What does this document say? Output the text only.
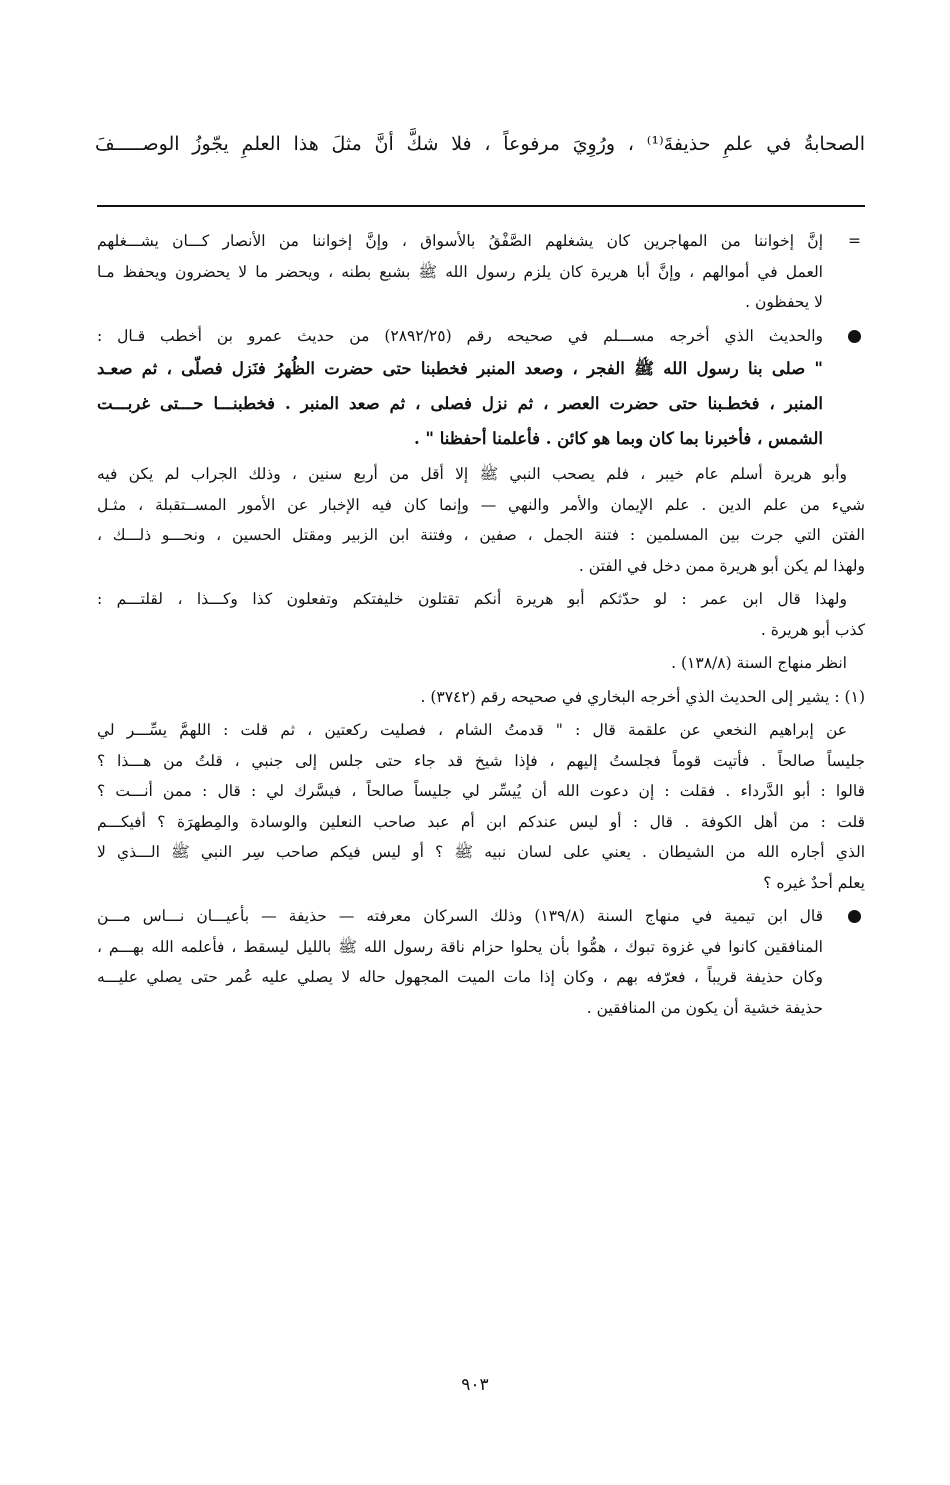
الصحابةُ في علمِ حذيفةَ⁽¹⁾ ، ورُوِيَ مرفوعاً ، فلا شكَّ أنَّ مثلَ هذا العلمِ يجّوزُ الوصـــــفَ
=
إنَّ إخواننا من المهاجرين كان يشغلهم الصَّفْقُ بالأسواق ، وإنَّ إخواننا من الأنصار كـــان يشـــغلهم
العمل في أموالهم ، وإنَّ أبا هريرة كان يلزم رسول الله ﷺ بشبع بطنه ، ويحضر ما لا يحضرون ويحفظ مـا
لا يحفظون .
والحديث الذي أخرجه مســـلم في صحيحه رقم (٢٨٩٢/٢٥) من حديث عمرو بن أخطب قـال :
" صلى بنا رسول الله ﷺ الفجر ، وصعد المنبر فخطبنا حتى حضرت الظُهرُ فنَزل فصلّى ، ثم صعـد
المنبر ، فخطـبنا حتى حضرت العصر ، ثم نزل فصلى ، ثم صعد المنبر . فخطبنـــا حـــتى غربـــت
الشمس ، فأخبرنا بما كان وبما هو كائن . فأعلمنا أحفظنا " .
وأبو هريرة أسلم عام خيبر ، فلم يصحب النبي ﷺ إلا أقل من أربع سنين ، وذلك الجراب لم يكن فيه
شيء من علم الدين . علم الإيمان والأمر والنهي — وإنما كان فيه الإخبار عن الأمور المســتقبلة ، مثـل
الفتن التي جرت بين المسلمين : فتنة الجمل ، صفين ، وفتنة ابن الزبير ومقتل الحسين ، ونحـــو ذلـــك ،
ولهذا لم يكن أبو هريرة ممن دخل في الفتن .
ولهذا قال ابن عمر : لو حدّثكم أبو هريرة أنكم تقتلون خليفتكم وتفعلون كذا وكـــذا ، لقلتـــم :
كذب أبو هريرة .
انظر منهاج السنة (١٣٨/٨) .
(١) : يشير إلى الحديث الذي أخرجه البخاري في صحيحه رقم (٣٧٤٢) .
عن إبراهيم النخعي عن علقمة قال : " قدمتُ الشام ، فصليت ركعتين ، ثم قلت : اللهمَّ يسِّـــر لي
جليساً صالحاً . فأتيت قوماً فجلستُ إليهم ، فإذا شيخ قد جاء حتى جلس إلى جنبي ، قلتُ من هـــذا ؟
قالوا : أبو الدَّرداء . فقلت : إن دعوت الله أن يُيسِّر لي جليساً صالحاً ، فيسَّرك لي : قال : ممن أنـــت ؟
قلت : من أهل الكوفة . قال : أو ليس عندكم ابن أم عبد صاحب النعلين والوسادة والمِطهرَة ؟ أفيكـــم
الذي أجاره الله من الشيطان . يعني على لسان نبيه ﷺ ؟ أو ليس فيكم صاحب سِر النبي ﷺ الـــذي لا
يعلم أحدٌ غيره ؟
قال ابن تيمية في منهاج السنة (١٣٩/٨) وذلك السركان معرفته — حذيفة — بأعيـــان نـــاس مـــن
المنافقين كانوا في غزوة تبوك ، همُّوا بأن يحلوا حزام ناقة رسول الله ﷺ بالليل ليسقط ، فأعلمه الله بهـــم ،
وكان حذيفة قريباً ، فعرّفه بهم ، وكان إذا مات الميت المجهول حاله لا يصلي عليه عُمر حتى يصلي عليـــه
حذيفة خشية أن يكون من المنافقين .
٩٠٣
